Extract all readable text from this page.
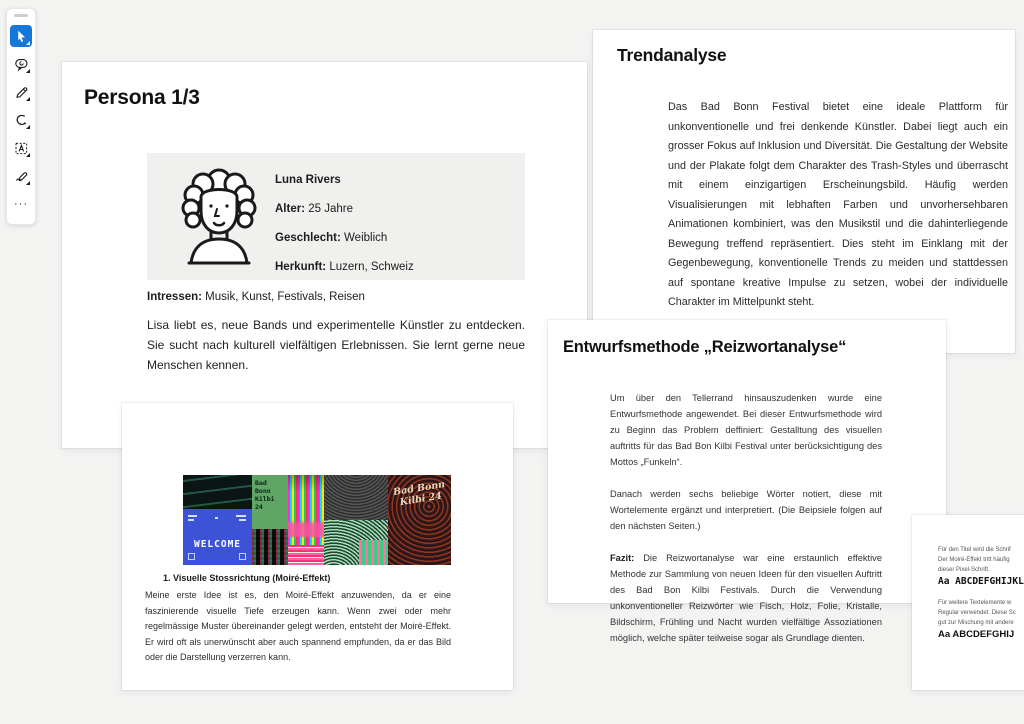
···
Persona 1/3
Luna Rivers
Alter: 25 Jahre
Geschlecht: Weiblich
Herkunft: Luzern, Schweiz
Intressen: Musik, Kunst, Festivals, Reisen
Lisa liebt es, neue Bands und experimentelle Künstler zu entdecken. Sie sucht nach kulturell vielfältigen Erlebnissen. Sie lernt gerne neue Menschen kennen.
Trendanalyse
Das Bad Bonn Festival bietet eine ideale Plattform für unkonventionelle und frei denkende Künstler. Dabei liegt auch ein grosser Fokus auf Inklusion und Diversität. Die Gestaltung der Website und der Plakate folgt dem Charakter des Trash-Styles und überrascht mit einem einzigartigen Erscheinungsbild. Häufig werden Visualisierungen mit lebhaften Farben und unvorhersehbaren Animationen kombiniert, was den Musikstil und die dahinterliegende Bewegung treffend repräsentiert. Dies steht im Einklang mit der Gegenbewegung, konventionelle Trends zu meiden und stattdessen auf spontane kreative Impulse zu setzen, wobei der individuelle Charakter im Mittelpunkt steht.
Entwurfsmethode „Reizwortanalyse“

Um über den Tellerrand hinsauszudenken wurde eine Entwurfsmethode angewendet. Bei dieser Entwurfsmethode wird zu Beginn das Problem deffiniert: Gestalltung des visuellen auftritts für das Bad Bon Kilbi Festival unter berücksichtigung des Mottos „Funkeln“.

Danach werden sechs beliebige Wörter notiert, diese mit Wortelemente ergänzt und interpretiert. (Die Beipsiele folgen auf den nächsten Seiten.)

Fazit: Die Reizwortanalyse war eine erstaunlich effektive Methode zur Sammlung von neuen Ideen für den visuellen Auftritt des Bad Bon Kilbi Festivals. Durch die Verwendung unkonventioneller Reizwörter wie Fisch, Holz, Folie, Kristalle, Bildschirm, Frühling und Nacht wurden vielfältige Assoziationen möglich, welche später teilweise sogar als Grundlage dienten.

WELCOME
Bad Bonn Kilbi 24
Bad Bonn Kilbi 24
1. Visuelle Stossrichtung (Moiré-Effekt)
Meine erste Idee ist es, den Moiré-Effekt anzuwenden, da er eine faszinierende visuelle Tiefe erzeugen kann. Wenn zwei oder mehr regelmässige Muster übereinander gelegt werden, entsteht der Moiré-Effekt. Er wird oft als unerwünscht aber auch spannend empfunden, da er das Bild oder die Darstellung verzerren kann.
Für den Titel wird die Schrif
Der Moiré-Effekt tritt häufig
dieser Pixel-Schrift.
Aa ABCDEFGHIJKL
Für weitere Textelemente w
Regular verwendet. Diese Sc
gut zur Mischung mit andere
Aa ABCDEFGHIJ
